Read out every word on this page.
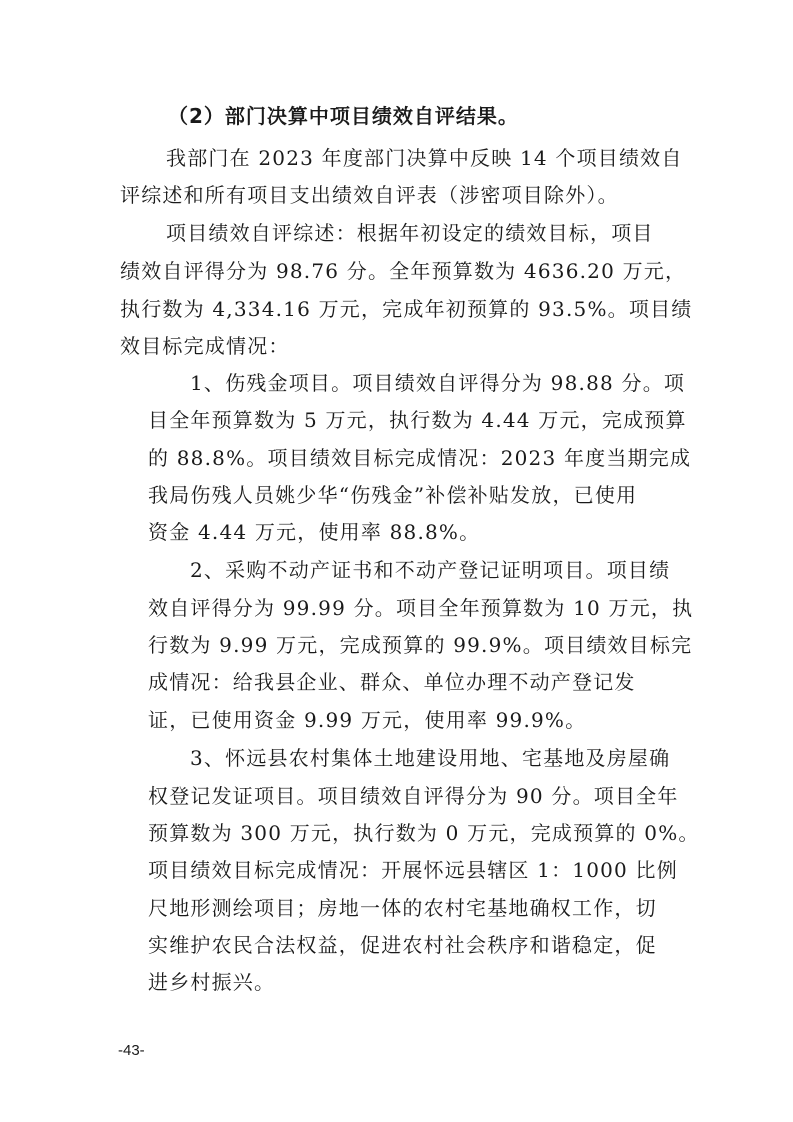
（2）部门决算中项目绩效自评结果。
我部门在 2023 年度部门决算中反映 14 个项目绩效自
评综述和所有项目支出绩效自评表（涉密项目除外）。
项目绩效自评综述：根据年初设定的绩效目标，项目
绩效自评得分为 98.76 分。全年预算数为 4636.20 万元，
执行数为 4,334.16 万元，完成年初预算的 93.5%。项目绩
效目标完成情况：
1、伤残金项目。项目绩效自评得分为 98.88 分。项
目全年预算数为 5 万元，执行数为 4.44 万元，完成预算
的 88.8%。项目绩效目标完成情况：2023 年度当期完成
我局伤残人员姚少华“伤残金”补偿补贴发放，已使用
资金 4.44 万元，使用率 88.8%。
2、采购不动产证书和不动产登记证明项目。项目绩
效自评得分为 99.99 分。项目全年预算数为 10 万元，执
行数为 9.99 万元，完成预算的 99.9%。项目绩效目标完
成情况：给我县企业、群众、单位办理不动产登记发
证，已使用资金 9.99 万元，使用率 99.9%。
3、怀远县农村集体土地建设用地、宅基地及房屋确
权登记发证项目。项目绩效自评得分为 90 分。项目全年
预算数为 300 万元，执行数为 0 万元，完成预算的 0%。
项目绩效目标完成情况：开展怀远县辖区 1：1000 比例
尺地形测绘项目；房地一体的农村宅基地确权工作，切
实维护农民合法权益，促进农村社会秩序和谐稳定，促
进乡村振兴。
-43-
